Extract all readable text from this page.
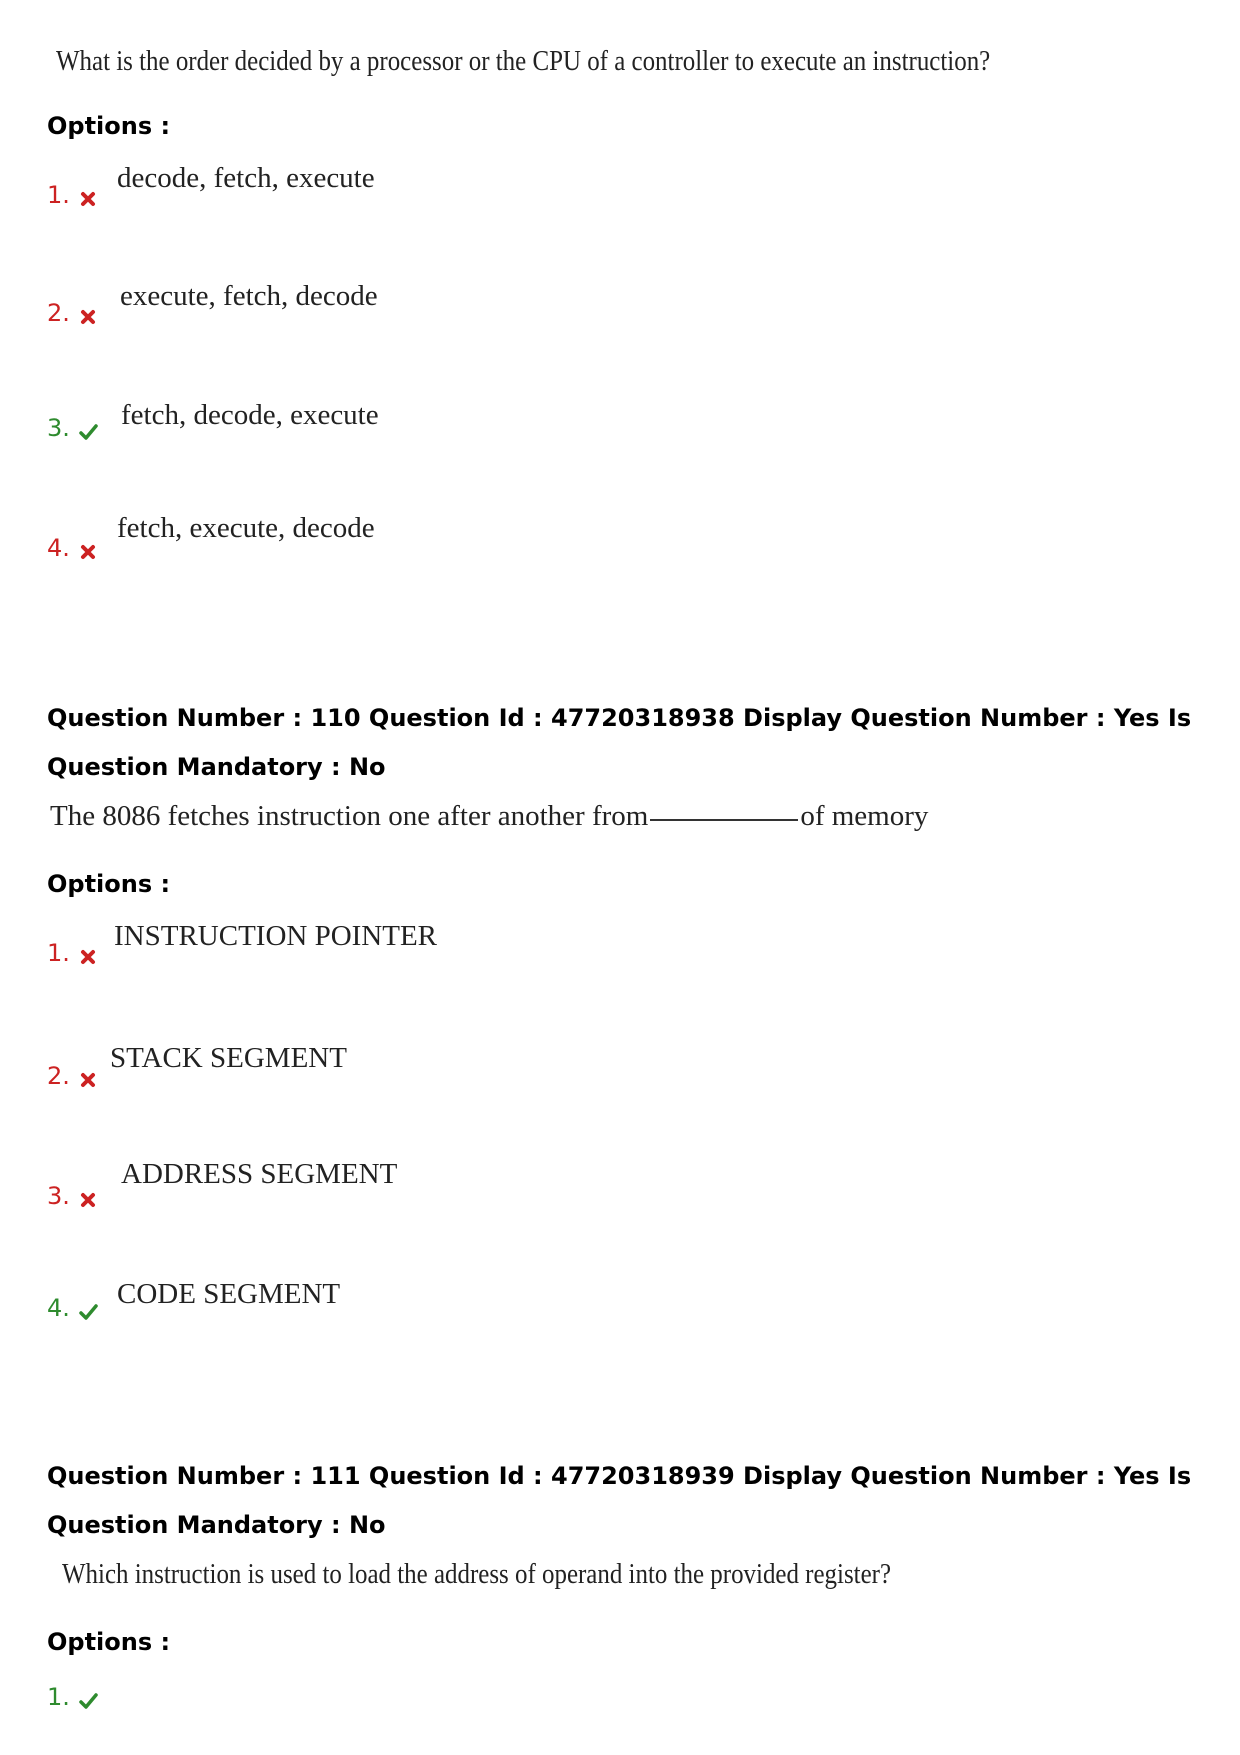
What is the order decided by a processor or the CPU of a controller to execute an instruction?
Options :
1.
decode, fetch, execute
2.
execute, fetch, decode
3.	fetch, decode, execute
4.
fetch, execute, decode
Question Number : 110 Question Id : 47720318938 Display Question Number : Yes Is Question Mandatory : No
The 8086 fetches instruction one after another from	of memory
Options :
1.
INSTRUCTION POINTER
2.
STACK SEGMENT
3.
ADDRESS SEGMENT
4.	CODE SEGMENT
Question Number : 111 Question Id : 47720318939 Display Question Number : Yes Is Question Mandatory : No
Which instruction is used to load the address of operand into the provided register?
Options :
1.
